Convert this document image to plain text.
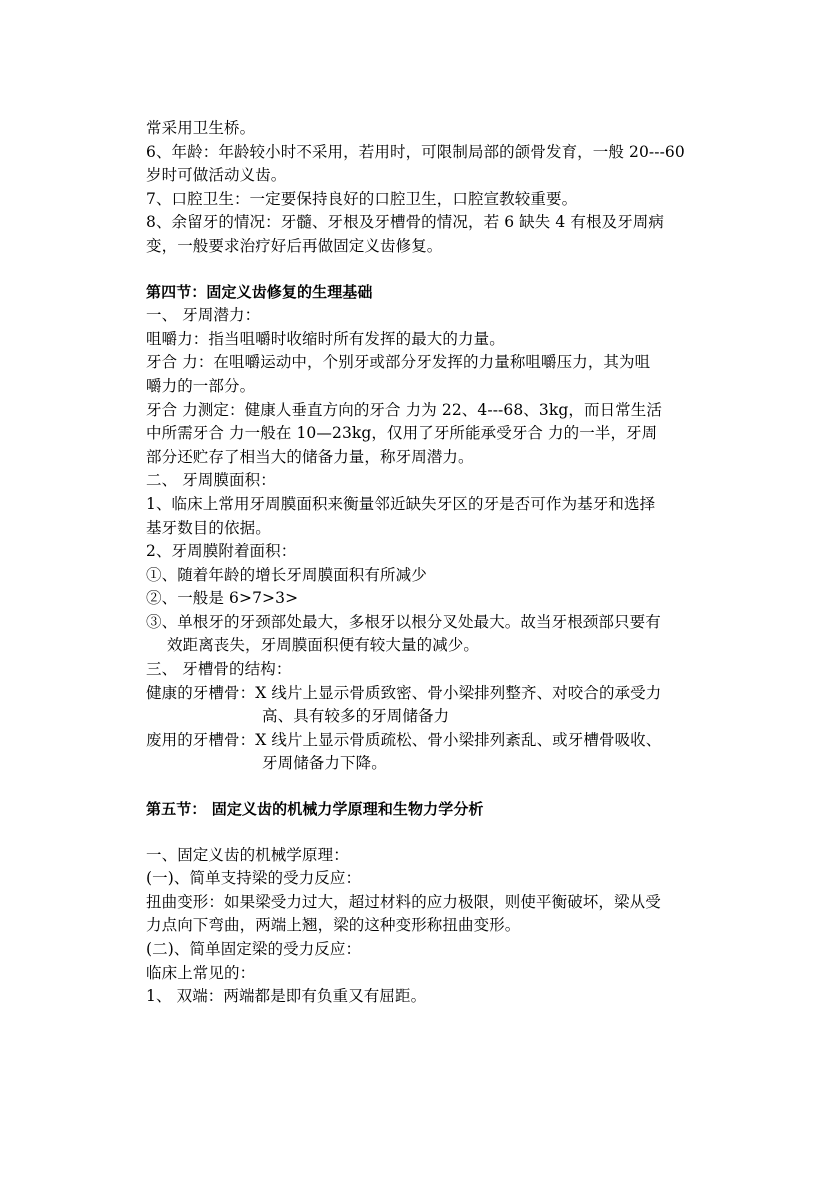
常采用卫生桥。
6、年龄：年龄较小时不采用，若用时，可限制局部的颌骨发育，一般 20---60
岁时可做活动义齿。
7、口腔卫生：一定要保持良好的口腔卫生，口腔宣教较重要。
8、余留牙的情况：牙髓、牙根及牙槽骨的情况，若 6 缺失 4 有根及牙周病
变，一般要求治疗好后再做固定义齿修复。
第四节：固定义齿修复的生理基础
一、 牙周潜力：
咀嚼力：指当咀嚼时收缩时所有发挥的最大的力量。
牙合 力：在咀嚼运动中，个别牙或部分牙发挥的力量称咀嚼压力，其为咀
嚼力的一部分。
牙合 力测定：健康人垂直方向的牙合 力为 22、4---68、3kg，而日常生活
中所需牙合 力一般在 10—23kg，仅用了牙所能承受牙合 力的一半，牙周
部分还贮存了相当大的储备力量，称牙周潜力。
二、 牙周膜面积：
1、临床上常用牙周膜面积来衡量邻近缺失牙区的牙是否可作为基牙和选择
基牙数目的依据。
2、牙周膜附着面积：
①、随着年龄的增长牙周膜面积有所减少
②、一般是 6>7>3>
③、单根牙的牙颈部处最大，多根牙以根分叉处最大。故当牙根颈部只要有
效距离丧失，牙周膜面积便有较大量的减少。
三、 牙槽骨的结构：
健康的牙槽骨：X 线片上显示骨质致密、骨小梁排列整齐、对咬合的承受力
高、具有较多的牙周储备力
废用的牙槽骨：X 线片上显示骨质疏松、骨小梁排列紊乱、或牙槽骨吸收、
牙周储备力下降。
第五节： 固定义齿的机械力学原理和生物力学分析
一、固定义齿的机械学原理：
(一)、简单支持梁的受力反应：
扭曲变形：如果梁受力过大，超过材料的应力极限，则使平衡破坏，梁从受
力点向下弯曲，两端上翘，梁的这种变形称扭曲变形。
(二)、简单固定梁的受力反应：
临床上常见的：
1、 双端：两端都是即有负重又有屈距。
